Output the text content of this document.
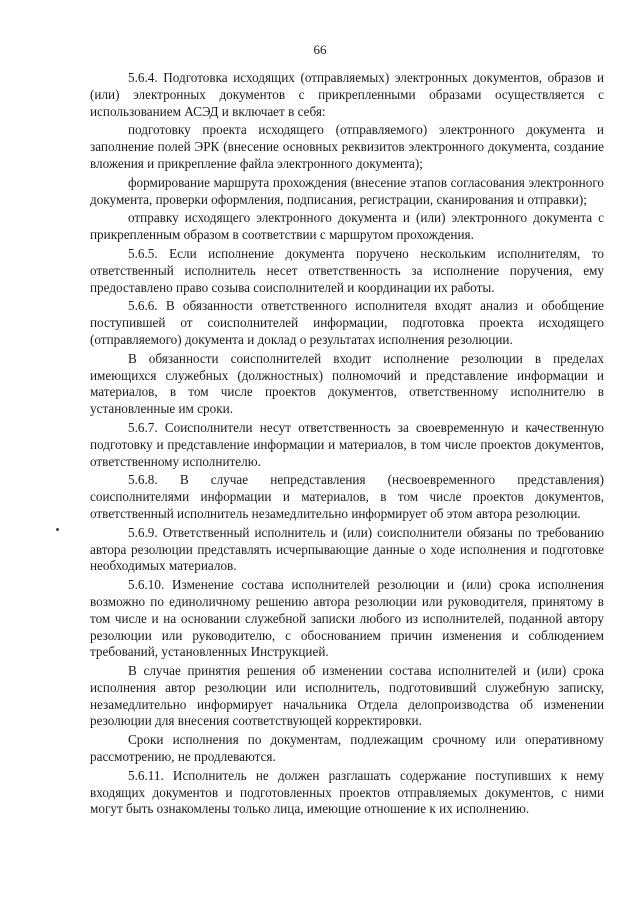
66

5.6.4. Подготовка исходящих (отправляемых) электронных документов, образов и (или) электронных документов с прикрепленными образами осуществляется с использованием АСЭД и включает в себя:

подготовку проекта исходящего (отправляемого) электронного документа и заполнение полей ЭРК (внесение основных реквизитов электронного документа, создание вложения и прикрепление файла электронного документа);

формирование маршрута прохождения (внесение этапов согласования электронного документа, проверки оформления, подписания, регистрации, сканирования и отправки);

отправку исходящего электронного документа и (или) электронного документа с прикрепленным образом в соответствии с маршрутом прохождения.

5.6.5. Если исполнение документа поручено нескольким исполнителям, то ответственный исполнитель несет ответственность за исполнение поручения, ему предоставлено право созыва соисполнителей и координации их работы.

5.6.6. В обязанности ответственного исполнителя входят анализ и обобщение поступившей от соисполнителей информации, подготовка проекта исходящего (отправляемого) документа и доклад о результатах исполнения резолюции.

В обязанности соисполнителей входит исполнение резолюции в пределах имеющихся служебных (должностных) полномочий и представление информации и материалов, в том числе проектов документов, ответственному исполнителю в установленные им сроки.

5.6.7. Соисполнители несут ответственность за своевременную и качественную подготовку и представление информации и материалов, в том числе проектов документов, ответственному исполнителю.

5.6.8. В случае непредставления (несвоевременного представления) соисполнителями информации и материалов, в том числе проектов документов, ответственный исполнитель незамедлительно информирует об этом автора резолюции.

5.6.9. Ответственный исполнитель и (или) соисполнители обязаны по требованию автора резолюции представлять исчерпывающие данные о ходе исполнения и подготовке необходимых материалов.

5.6.10. Изменение состава исполнителей резолюции и (или) срока исполнения возможно по единоличному решению автора резолюции или руководителя, принятому в том числе и на основании служебной записки любого из исполнителей, поданной автору резолюции или руководителю, с обоснованием причин изменения и соблюдением требований, установленных Инструкцией.

В случае принятия решения об изменении состава исполнителей и (или) срока исполнения автор резолюции или исполнитель, подготовивший служебную записку, незамедлительно информирует начальника Отдела делопроизводства об изменении резолюции для внесения соответствующей корректировки.

Сроки исполнения по документам, подлежащим срочному или оперативному рассмотрению, не продлеваются.

5.6.11. Исполнитель не должен разглашать содержание поступивших к нему входящих документов и подготовленных проектов отправляемых документов, с ними могут быть ознакомлены только лица, имеющие отношение к их исполнению.
